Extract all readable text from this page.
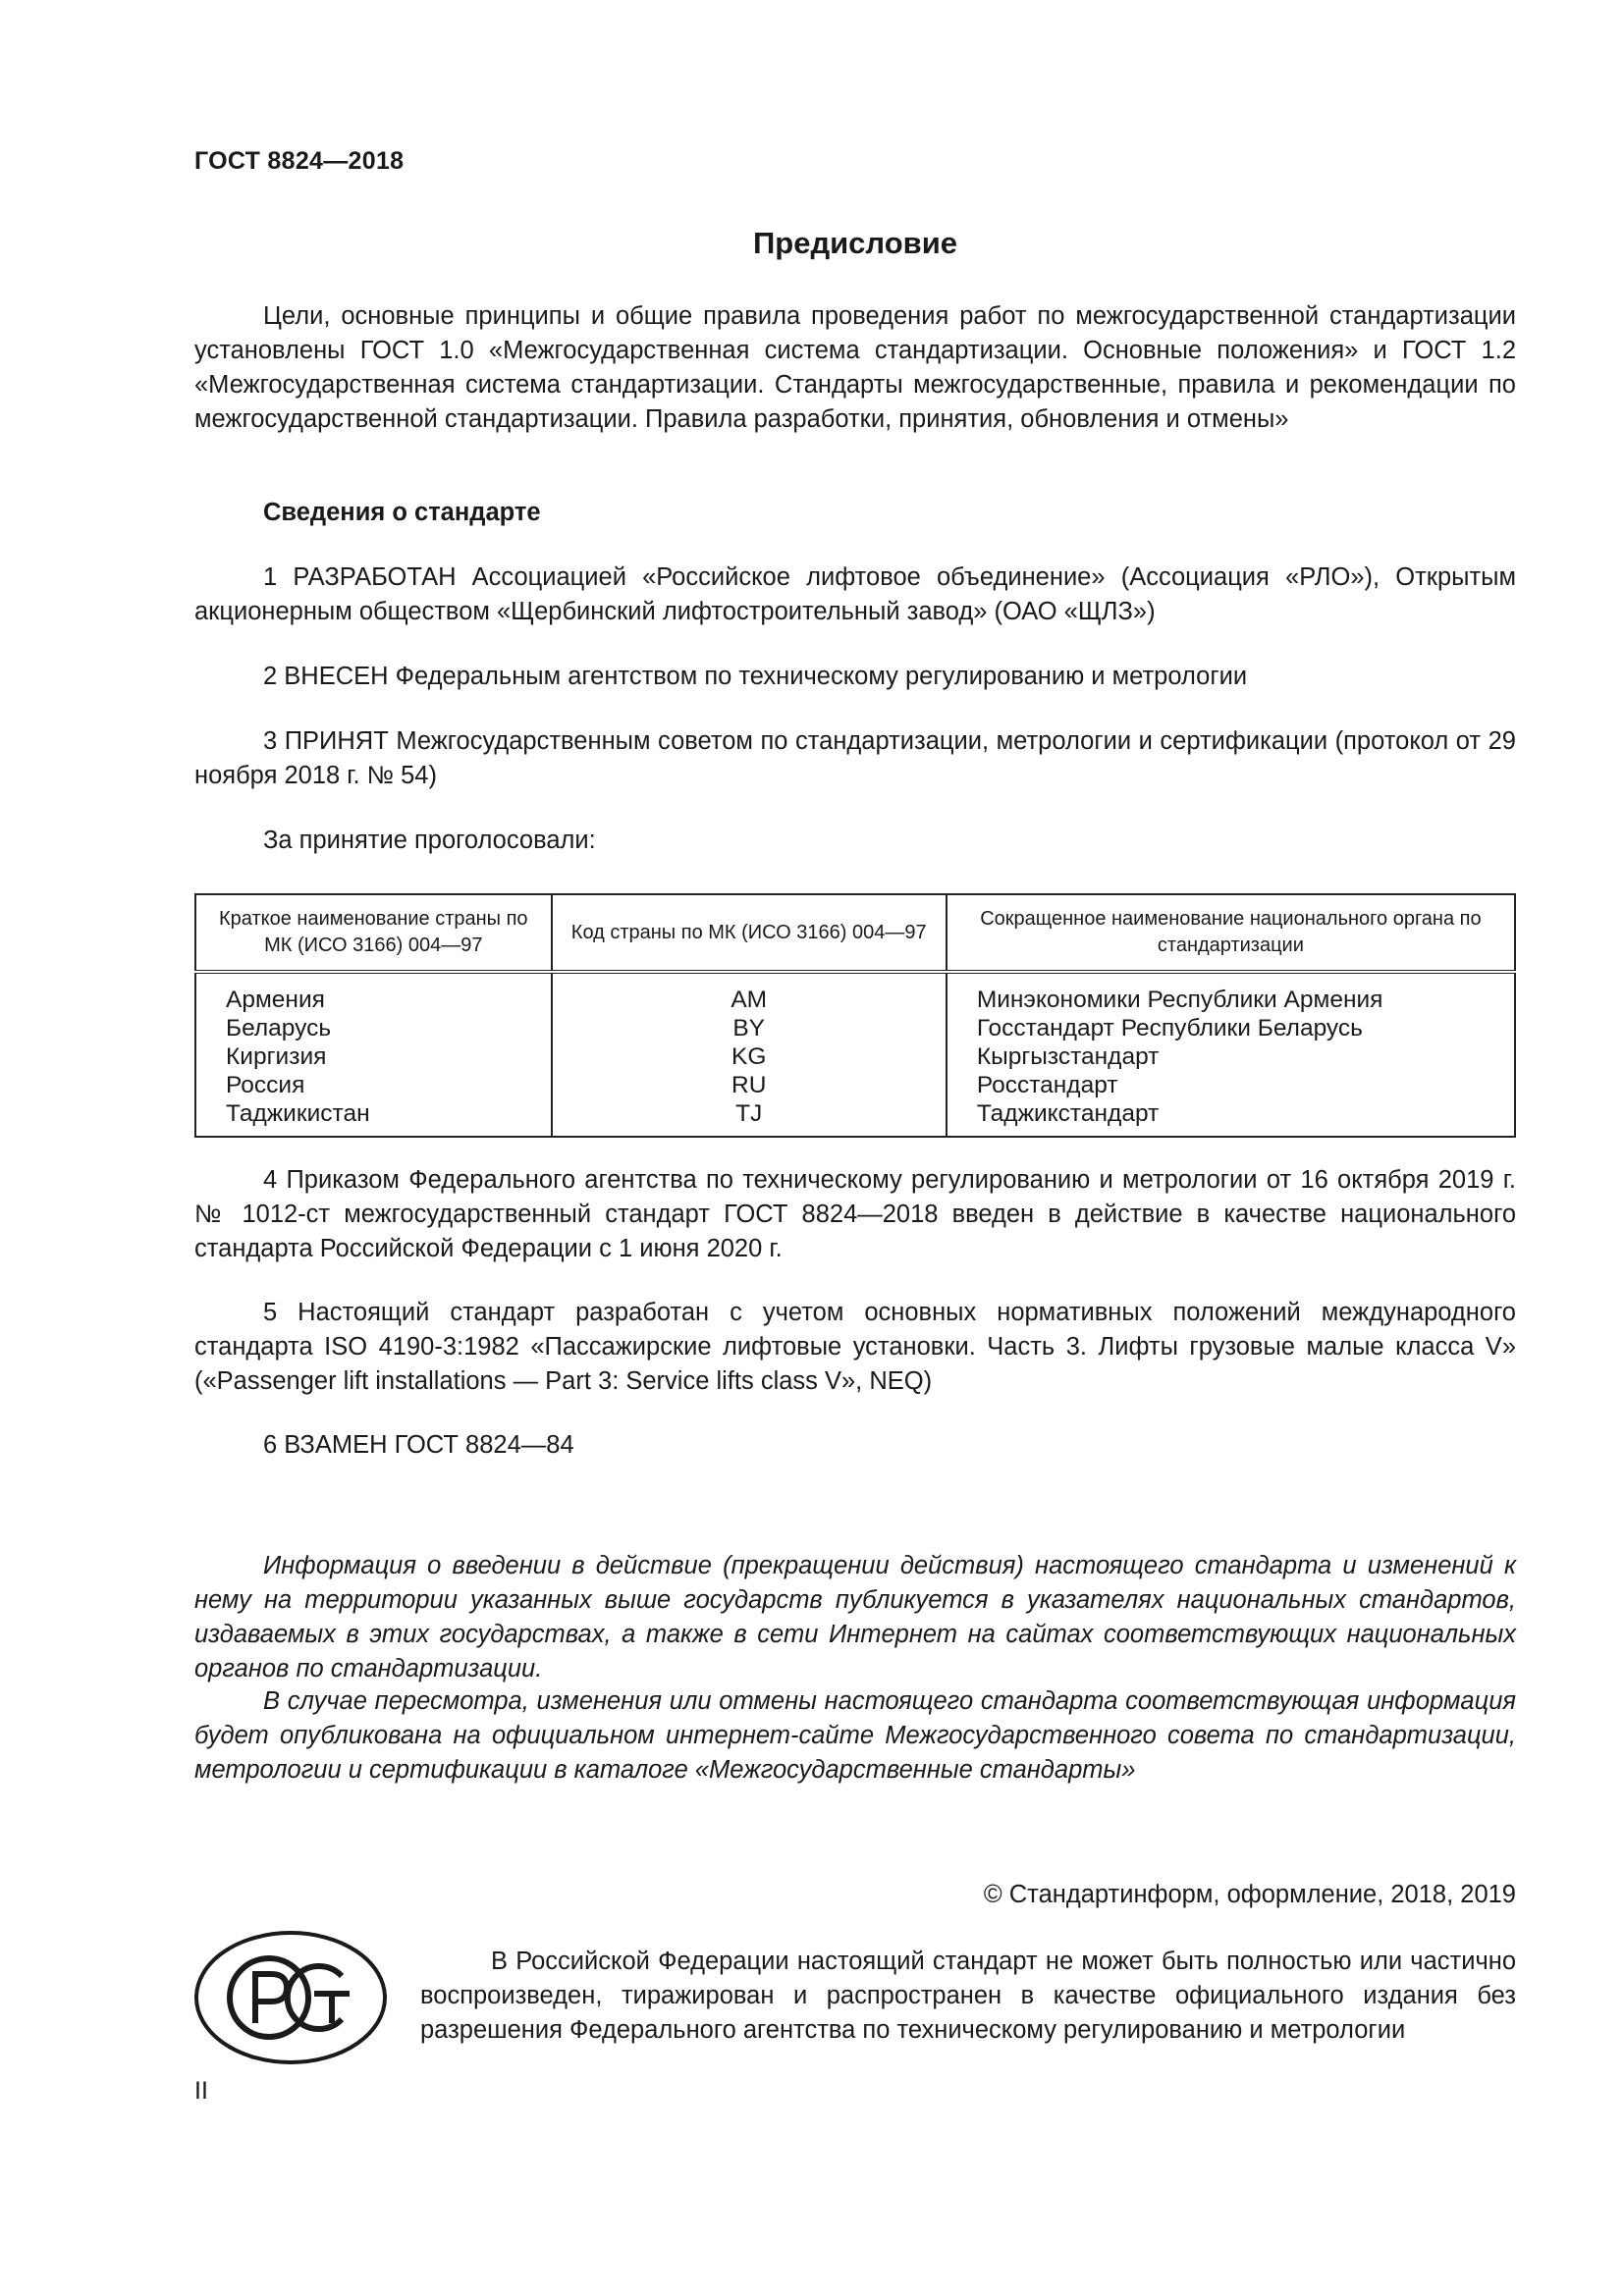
ГОСТ 8824—2018
Предисловие
Цели, основные принципы и общие правила проведения работ по межгосударственной стандартизации установлены ГОСТ 1.0 «Межгосударственная система стандартизации. Основные положения» и ГОСТ 1.2 «Межгосударственная система стандартизации. Стандарты межгосударственные, правила и рекомендации по межгосударственной стандартизации. Правила разработки, принятия, обновления и отмены»
Сведения о стандарте
1 РАЗРАБОТАН Ассоциацией «Российское лифтовое объединение» (Ассоциация «РЛО»), Открытым акционерным обществом «Щербинский лифтостроительный завод» (ОАО «ЩЛЗ»)
2 ВНЕСЕН Федеральным агентством по техническому регулированию и метрологии
3 ПРИНЯТ Межгосударственным советом по стандартизации, метрологии и сертификации (протокол от 29 ноября 2018 г. № 54)
За принятие проголосовали:
Краткое наименование страны по МК (ИСО 3166) 004—97	Код страны по МК (ИСО 3166) 004—97	Сокращенное наименование национального органа по стандартизации
Армения	AM	Минэкономики Республики Армения
Беларусь	BY	Госстандарт Республики Беларусь
Киргизия	KG	Кыргызстандарт
Россия	RU	Росстандарт
Таджикистан	TJ	Таджикстандарт
4 Приказом Федерального агентства по техническому регулированию и метрологии от 16 октября 2019 г. № 1012-ст межгосударственный стандарт ГОСТ 8824—2018 введен в действие в качестве национального стандарта Российской Федерации с 1 июня 2020 г.
5 Настоящий стандарт разработан с учетом основных нормативных положений международного стандарта ISO 4190-3:1982 «Пассажирские лифтовые установки. Часть 3. Лифты грузовые малые класса V» («Passenger lift installations — Part 3: Service lifts class V», NEQ)
6 ВЗАМЕН ГОСТ 8824—84
Информация о введении в действие (прекращении действия) настоящего стандарта и изменений к нему на территории указанных выше государств публикуется в указателях национальных стандартов, издаваемых в этих государствах, а также в сети Интернет на сайтах соответствующих национальных органов по стандартизации.
В случае пересмотра, изменения или отмены настоящего стандарта соответствующая информация будет опубликована на официальном интернет-сайте Межгосударственного совета по стандартизации, метрологии и сертификации в каталоге «Межгосударственные стандарты»
© Стандартинформ, оформление, 2018, 2019
В Российской Федерации настоящий стандарт не может быть полностью или частично воспроизведен, тиражирован и распространен в качестве официального издания без разрешения Федерального агентства по техническому регулированию и метрологии
II
